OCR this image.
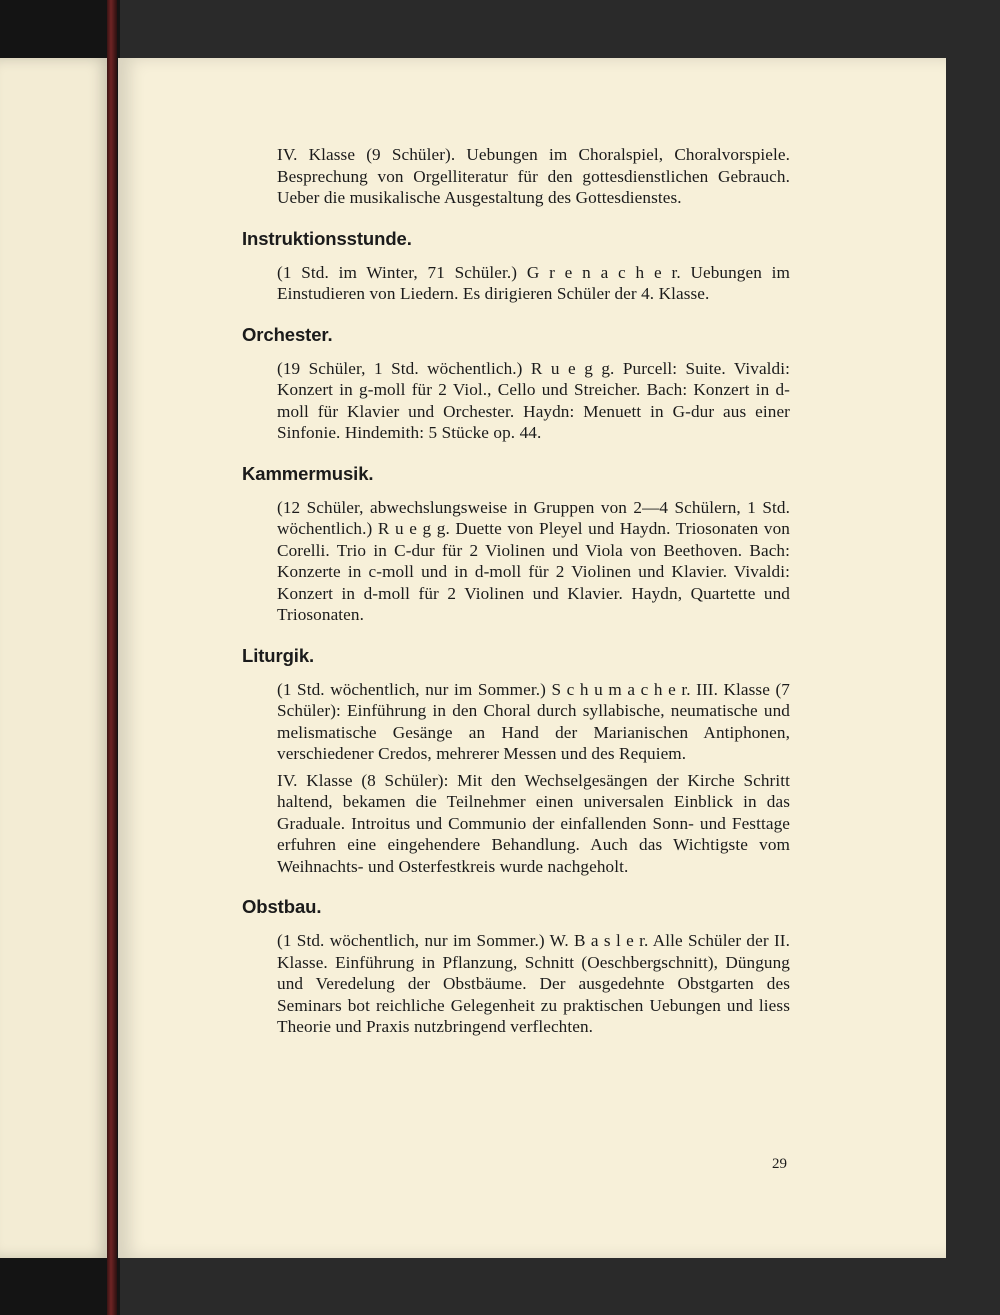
IV. Klasse (9 Schüler). Uebungen im Choralspiel, Choralvorspiele. Besprechung von Orgelliteratur für den gottesdienstlichen Gebrauch. Ueber die musikalische Ausgestaltung des Gottesdienstes.

Instruktionsstunde.

(1 Std. im Winter, 71 Schüler.) G r e n a c h e r. Uebungen im Einstudieren von Liedern. Es dirigieren Schüler der 4. Klasse.

Orchester.

(19 Schüler, 1 Std. wöchentlich.) R u e g g. Purcell: Suite. Vivaldi: Konzert in g-moll für 2 Viol., Cello und Streicher. Bach: Konzert in d-moll für Klavier und Orchester. Haydn: Menuett in G-dur aus einer Sinfonie. Hindemith: 5 Stücke op. 44.

Kammermusik.

(12 Schüler, abwechslungsweise in Gruppen von 2—4 Schülern, 1 Std. wöchentlich.) R u e g g. Duette von Pleyel und Haydn. Triosonaten von Corelli. Trio in C-dur für 2 Violinen und Viola von Beethoven. Bach: Konzerte in c-moll und in d-moll für 2 Violinen und Klavier. Vivaldi: Konzert in d-moll für 2 Violinen und Klavier. Haydn, Quartette und Triosonaten.

Liturgik.

(1 Std. wöchentlich, nur im Sommer.) S c h u m a c h e r. III. Klasse (7 Schüler): Einführung in den Choral durch syllabische, neumatische und melismatische Gesänge an Hand der Marianischen Antiphonen, verschiedener Credos, mehrerer Messen und des Requiem.

IV. Klasse (8 Schüler): Mit den Wechselgesängen der Kirche Schritt haltend, bekamen die Teilnehmer einen universalen Einblick in das Graduale. Introitus und Communio der einfallenden Sonn- und Festtage erfuhren eine eingehendere Behandlung. Auch das Wichtigste vom Weihnachts- und Osterfestkreis wurde nachgeholt.

Obstbau.

(1 Std. wöchentlich, nur im Sommer.) W. B a s l e r. Alle Schüler der II. Klasse. Einführung in Pflanzung, Schnitt (Oeschbergschnitt), Düngung und Veredelung der Obstbäume. Der ausgedehnte Obstgarten des Seminars bot reichliche Gelegenheit zu praktischen Uebungen und liess Theorie und Praxis nutzbringend verflechten.

29
